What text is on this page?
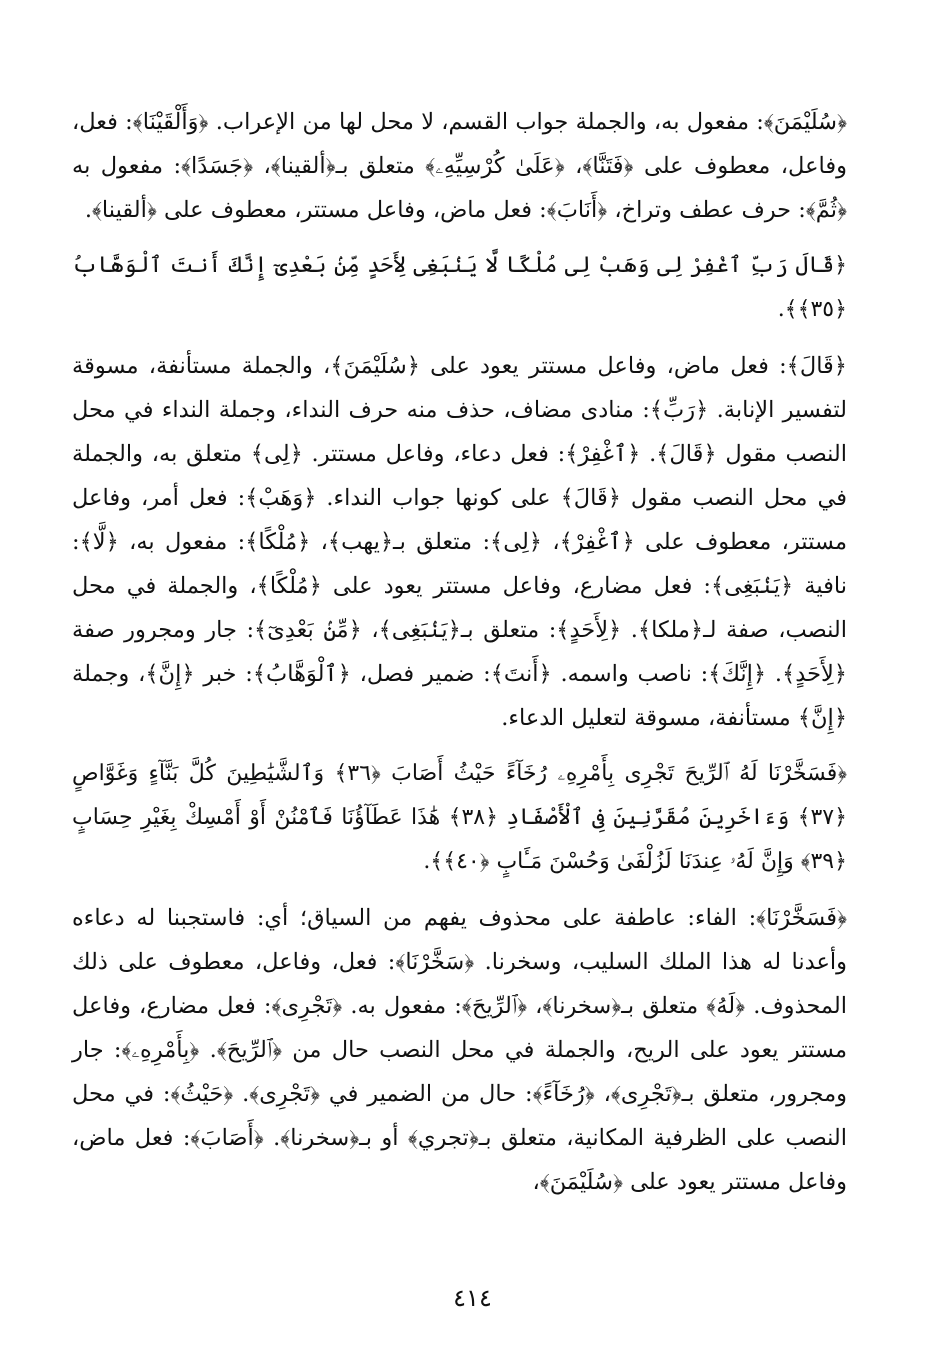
﴿سُلَيْمَنَ﴾: مفعول به، والجملة جواب القسم، لا محل لها من الإعراب. ﴿وَأَلْقَيْنَا﴾: فعل، وفاعل، معطوف على ﴿فَتَنَّا﴾، ﴿عَلَىٰ كُرْسِيِّهِۦ﴾ متعلق بـ﴿ألقينا﴾، ﴿جَسَدًا﴾: مفعول به ﴿ثُمَّ﴾: حرف عطف وتراخ، ﴿أَنَابَ﴾: فعل ماض، وفاعل مستتر، معطوف على ﴿ألقينا﴾.

﴿قَالَ رَبِّ ٱغْفِرْ لِى وَهَبْ لِى مُلْكًا لَّا يَنۢبَغِى لِأَحَدٍ مِّنۢ بَعْدِىٓ إِنَّكَ أَنتَ ٱلْوَهَّابُ ﴿٣٥﴾﴾.

﴿قَالَ﴾: فعل ماض، وفاعل مستتر يعود على ﴿سُلَيْمَنَ﴾، والجملة مستأنفة، مسوقة لتفسير الإنابة. ﴿رَبِّ﴾: منادى مضاف، حذف منه حرف النداء، وجملة النداء في محل النصب مقول ﴿قَالَ﴾. ﴿ٱغْفِرْ﴾: فعل دعاء، وفاعل مستتر. ﴿لِى﴾ متعلق به، والجملة في محل النصب مقول ﴿قَالَ﴾ على كونها جواب النداء. ﴿وَهَبْ﴾: فعل أمر، وفاعل مستتر، معطوف على ﴿ٱغْفِرْ﴾، ﴿لِى﴾: متعلق بـ﴿يهب﴾، ﴿مُلْكًا﴾: مفعول به، ﴿لَّا﴾: نافية ﴿يَنۢبَغِى﴾: فعل مضارع، وفاعل مستتر يعود على ﴿مُلْكًا﴾، والجملة في محل النصب، صفة لـ﴿ملكا﴾. ﴿لِأَحَدٍ﴾: متعلق بـ﴿يَنۢبَغِى﴾، ﴿مِّنۢ بَعْدِىٓ﴾: جار ومجرور صفة ﴿لِأَحَدٍ﴾. ﴿إِنَّكَ﴾: ناصب واسمه. ﴿أَنتَ﴾: ضمير فصل، ﴿ٱلْوَهَّابُ﴾: خبر ﴿إِنَّ﴾، وجملة ﴿إِنَّ﴾ مستأنفة، مسوقة لتعليل الدعاء.

﴿فَسَخَّرْنَا لَهُ ٱلرِّيحَ تَجْرِى بِأَمْرِهِۦ رُخَآءً حَيْثُ أَصَابَ ﴿٣٦﴾ وَٱلشَّيَٰطِينَ كُلَّ بَنَّآءٍ وَغَوَّاصٍ ﴿٣٧﴾ وَءَاخَرِينَ مُقَرَّنِينَ فِى ٱلْأَصْفَادِ ﴿٣٨﴾ هَٰذَا عَطَآؤُنَا فَٱمْنُنْ أَوْ أَمْسِكْ بِغَيْرِ حِسَابٍ ﴿٣٩﴾ وَإِنَّ لَهُۥ عِندَنَا لَزُلْفَىٰ وَحُسْنَ مَـَٔابٍ ﴿٤٠﴾﴾.

﴿فَسَخَّرْنَا﴾: الفاء: عاطفة على محذوف يفهم من السياق؛ أي: فاستجبنا له دعاءه وأعدنا له هذا الملك السليب، وسخرنا. ﴿سَخَّرْنَا﴾: فعل، وفاعل، معطوف على ذلك المحذوف. ﴿لَهُ﴾ متعلق بـ﴿سخرنا﴾، ﴿ٱلرِّيحَ﴾: مفعول به. ﴿تَجْرِى﴾: فعل مضارع، وفاعل مستتر يعود على الريح، والجملة في محل النصب حال من ﴿ٱلرِّيحَ﴾. ﴿بِأَمْرِهِۦ﴾: جار ومجرور، متعلق بـ﴿تَجْرِى﴾، ﴿رُخَآءً﴾: حال من الضمير في ﴿تَجْرِى﴾. ﴿حَيْثُ﴾: في محل النصب على الظرفية المكانية، متعلق بـ﴿تجري﴾ أو بـ﴿سخرنا﴾. ﴿أَصَابَ﴾: فعل ماض، وفاعل مستتر يعود على ﴿سُلَيْمَنَ﴾،

٤١٤
